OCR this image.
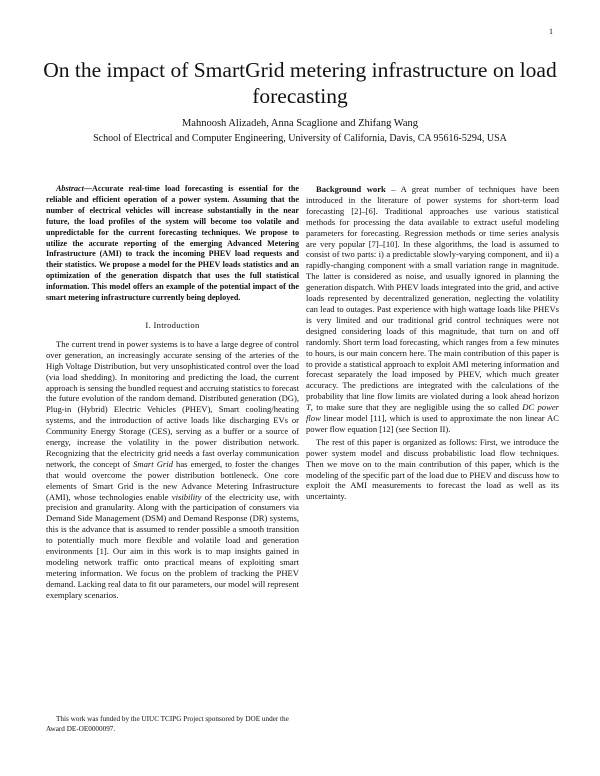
1
On the impact of SmartGrid metering infrastructure on load forecasting
Mahnoosh Alizadeh, Anna Scaglione and Zhifang Wang
School of Electrical and Computer Engineering, University of California, Davis, CA 95616-5294, USA

Abstract—Accurate real-time load forecasting is essential for the reliable and efficient operation of a power system. Assuming that the number of electrical vehicles will increase substantially in the near future, the load profiles of the system will become too volatile and unpredictable for the current forecasting techniques. We propose to utilize the accurate reporting of the emerging Advanced Metering Infrastructure (AMI) to track the incoming PHEV load requests and their statistics. We propose a model for the PHEV loads statistics and an optimization of the generation dispatch that uses the full statistical information. This model offers an example of the potential impact of the smart metering infrastructure currently being deployed.

I. Introduction

The current trend in power systems is to have a large degree of control over generation, an increasingly accurate sensing of the arteries of the High Voltage Distribution, but very unsophisticated control over the load (via load shedding). In monitoring and predicting the load, the current approach is sensing the bundled request and accruing statistics to forecast the future evolution of the random demand. Distributed generation (DG), Plug-in (Hybrid) Electric Vehicles (PHEV), Smart cooling/heating systems, and the introduction of active loads like discharging EVs or Community Energy Storage (CES), serving as a buffer or a source of energy, increase the volatility in the power distribution network. Recognizing that the electricity grid needs a fast overlay communication network, the concept of Smart Grid has emerged, to foster the changes that would overcome the power distribution bottleneck. One core elements of Smart Grid is the new Advance Metering Infrastructure (AMI), whose technologies enable visibility of the electricity use, with precision and granularity. Along with the participation of consumers via Demand Side Management (DSM) and Demand Response (DR) systems, this is the advance that is assumed to render possible a smooth transition to potentially much more flexible and volatile load and generation environments [1]. Our aim in this work is to map insights gained in modeling network traffic onto practical means of exploiting smart metering information. We focus on the problem of tracking the PHEV demand. Lacking real data to fit our parameters, our model will represent exemplary scenarios.

Background work – A great number of techniques have been introduced in the literature of power systems for short-term load forecasting [2]–[6]. Traditional approaches use various statistical methods for processing the data available to extract useful modeling parameters for forecasting. Regression methods or time series analysis are very popular [7]–[10]. In these algorithms, the load is assumed to consist of two parts: i) a predictable slowly-varying component, and ii) a rapidly-changing component with a small variation range in magnitude. The latter is considered as noise, and usually ignored in planning the generation dispatch. With PHEV loads integrated into the grid, and active loads represented by decentralized generation, neglecting the volatility can lead to outages. Past experience with high wattage loads like PHEVs is very limited and our traditional grid control techniques were not designed considering loads of this magnitude, that turn on and off randomly. Short term load forecasting, which ranges from a few minutes to hours, is our main concern here. The main contribution of this paper is to provide a statistical approach to exploit AMI metering information and forecast separately the load imposed by PHEV, which much greater accuracy. The predictions are integrated with the calculations of the probability that line flow limits are violated during a look ahead horizon T, to make sure that they are negligible using the so called DC power flow linear model [11], which is used to approximate the non linear AC power flow equation [12] (see Section II).

The rest of this paper is organized as follows: First, we introduce the power system model and discuss probabilistic load flow techniques. Then we move on to the main contribution of this paper, which is the modeling of the specific part of the load due to PHEV and discuss how to exploit the AMI measurements to forecast the load as well as its uncertainty.

This work was funded by the UIUC TCIPG Project sponsored by DOE under the Award DE-OE0000097.
